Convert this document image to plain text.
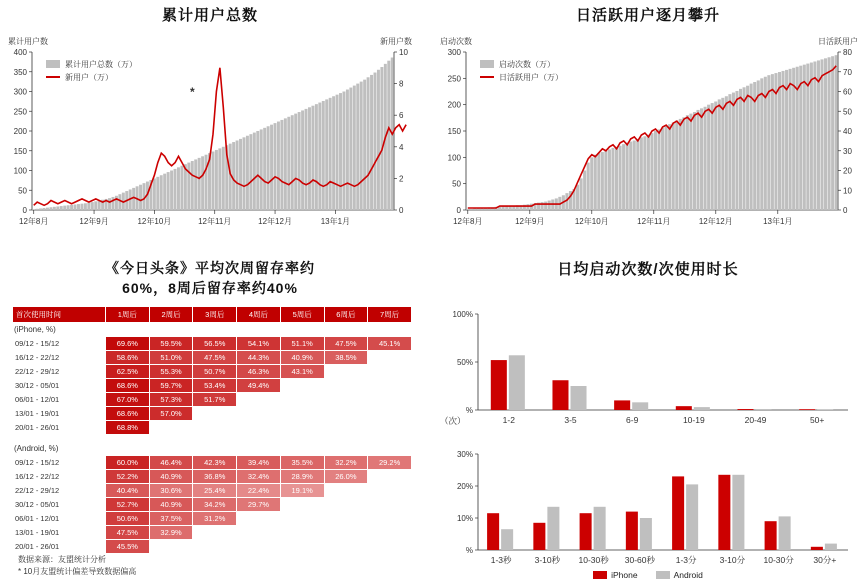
累计用户总数
累计用户数	新用户数
0
50
100
150
200
250
300
350
400
0
2
4
6
8
10
12年8月	12年9月	12年10月	12年11月	12年12月	13年1月
累计用户总数（万）
新用户（万）
*
日活跃用户逐月攀升
启动次数	日活跃用户
0
50
100
150
200
250
300
0
10
20
30
40
50
60
70
80
12年8月	12年9月	12年10月	12年11月	12年12月	13年1月
启动次数（万）
日活跃用户（万）
《今日头条》平均次周留存率约
60%，8周后留存率约40%
首次使用时间	1周后	2周后	3周后	4周后	5周后	6周后	7周后
(iPhone, %)
09/12 - 15/12	69.6%	59.5%	56.5%	54.1%	51.1%	47.5%	45.1%
16/12 - 22/12	58.6%	51.0%	47.5%	44.3%	40.9%	38.5%	
22/12 - 29/12	62.5%	55.3%	50.7%	46.3%	43.1%		
30/12 - 05/01	68.6%	59.7%	53.4%	49.4%			
06/01 - 12/01	67.0%	57.3%	51.7%				
13/01 - 19/01	68.6%	57.0%					
20/01 - 26/01	68.8%						
(Android, %)
09/12 - 15/12	60.0%	46.4%	42.3%	39.4%	35.5%	32.2%	29.2%
16/12 - 22/12	52.2%	40.9%	36.8%	32.4%	28.9%	26.0%	
22/12 - 29/12	40.4%	30.6%	25.4%	22.4%	19.1%		
30/12 - 05/01	52.7%	40.9%	34.2%	29.7%			
06/01 - 12/01	50.6%	37.5%	31.2%				
13/01 - 19/01	47.5%	32.9%					
20/01 - 26/01	45.5%						
数据来源：友盟统计分析
* 10月友盟统计偏差导致数据偏高
日均启动次数/次使用时长
%
50%
100%
1-2	3-5	6-9	10-19	20-49	50+
（次）
%
10%
20%
30%
1-3秒	3-10秒 10-30秒 30-60秒 1-3分	3-10分 10-30分 30分+
iPhone	Android
